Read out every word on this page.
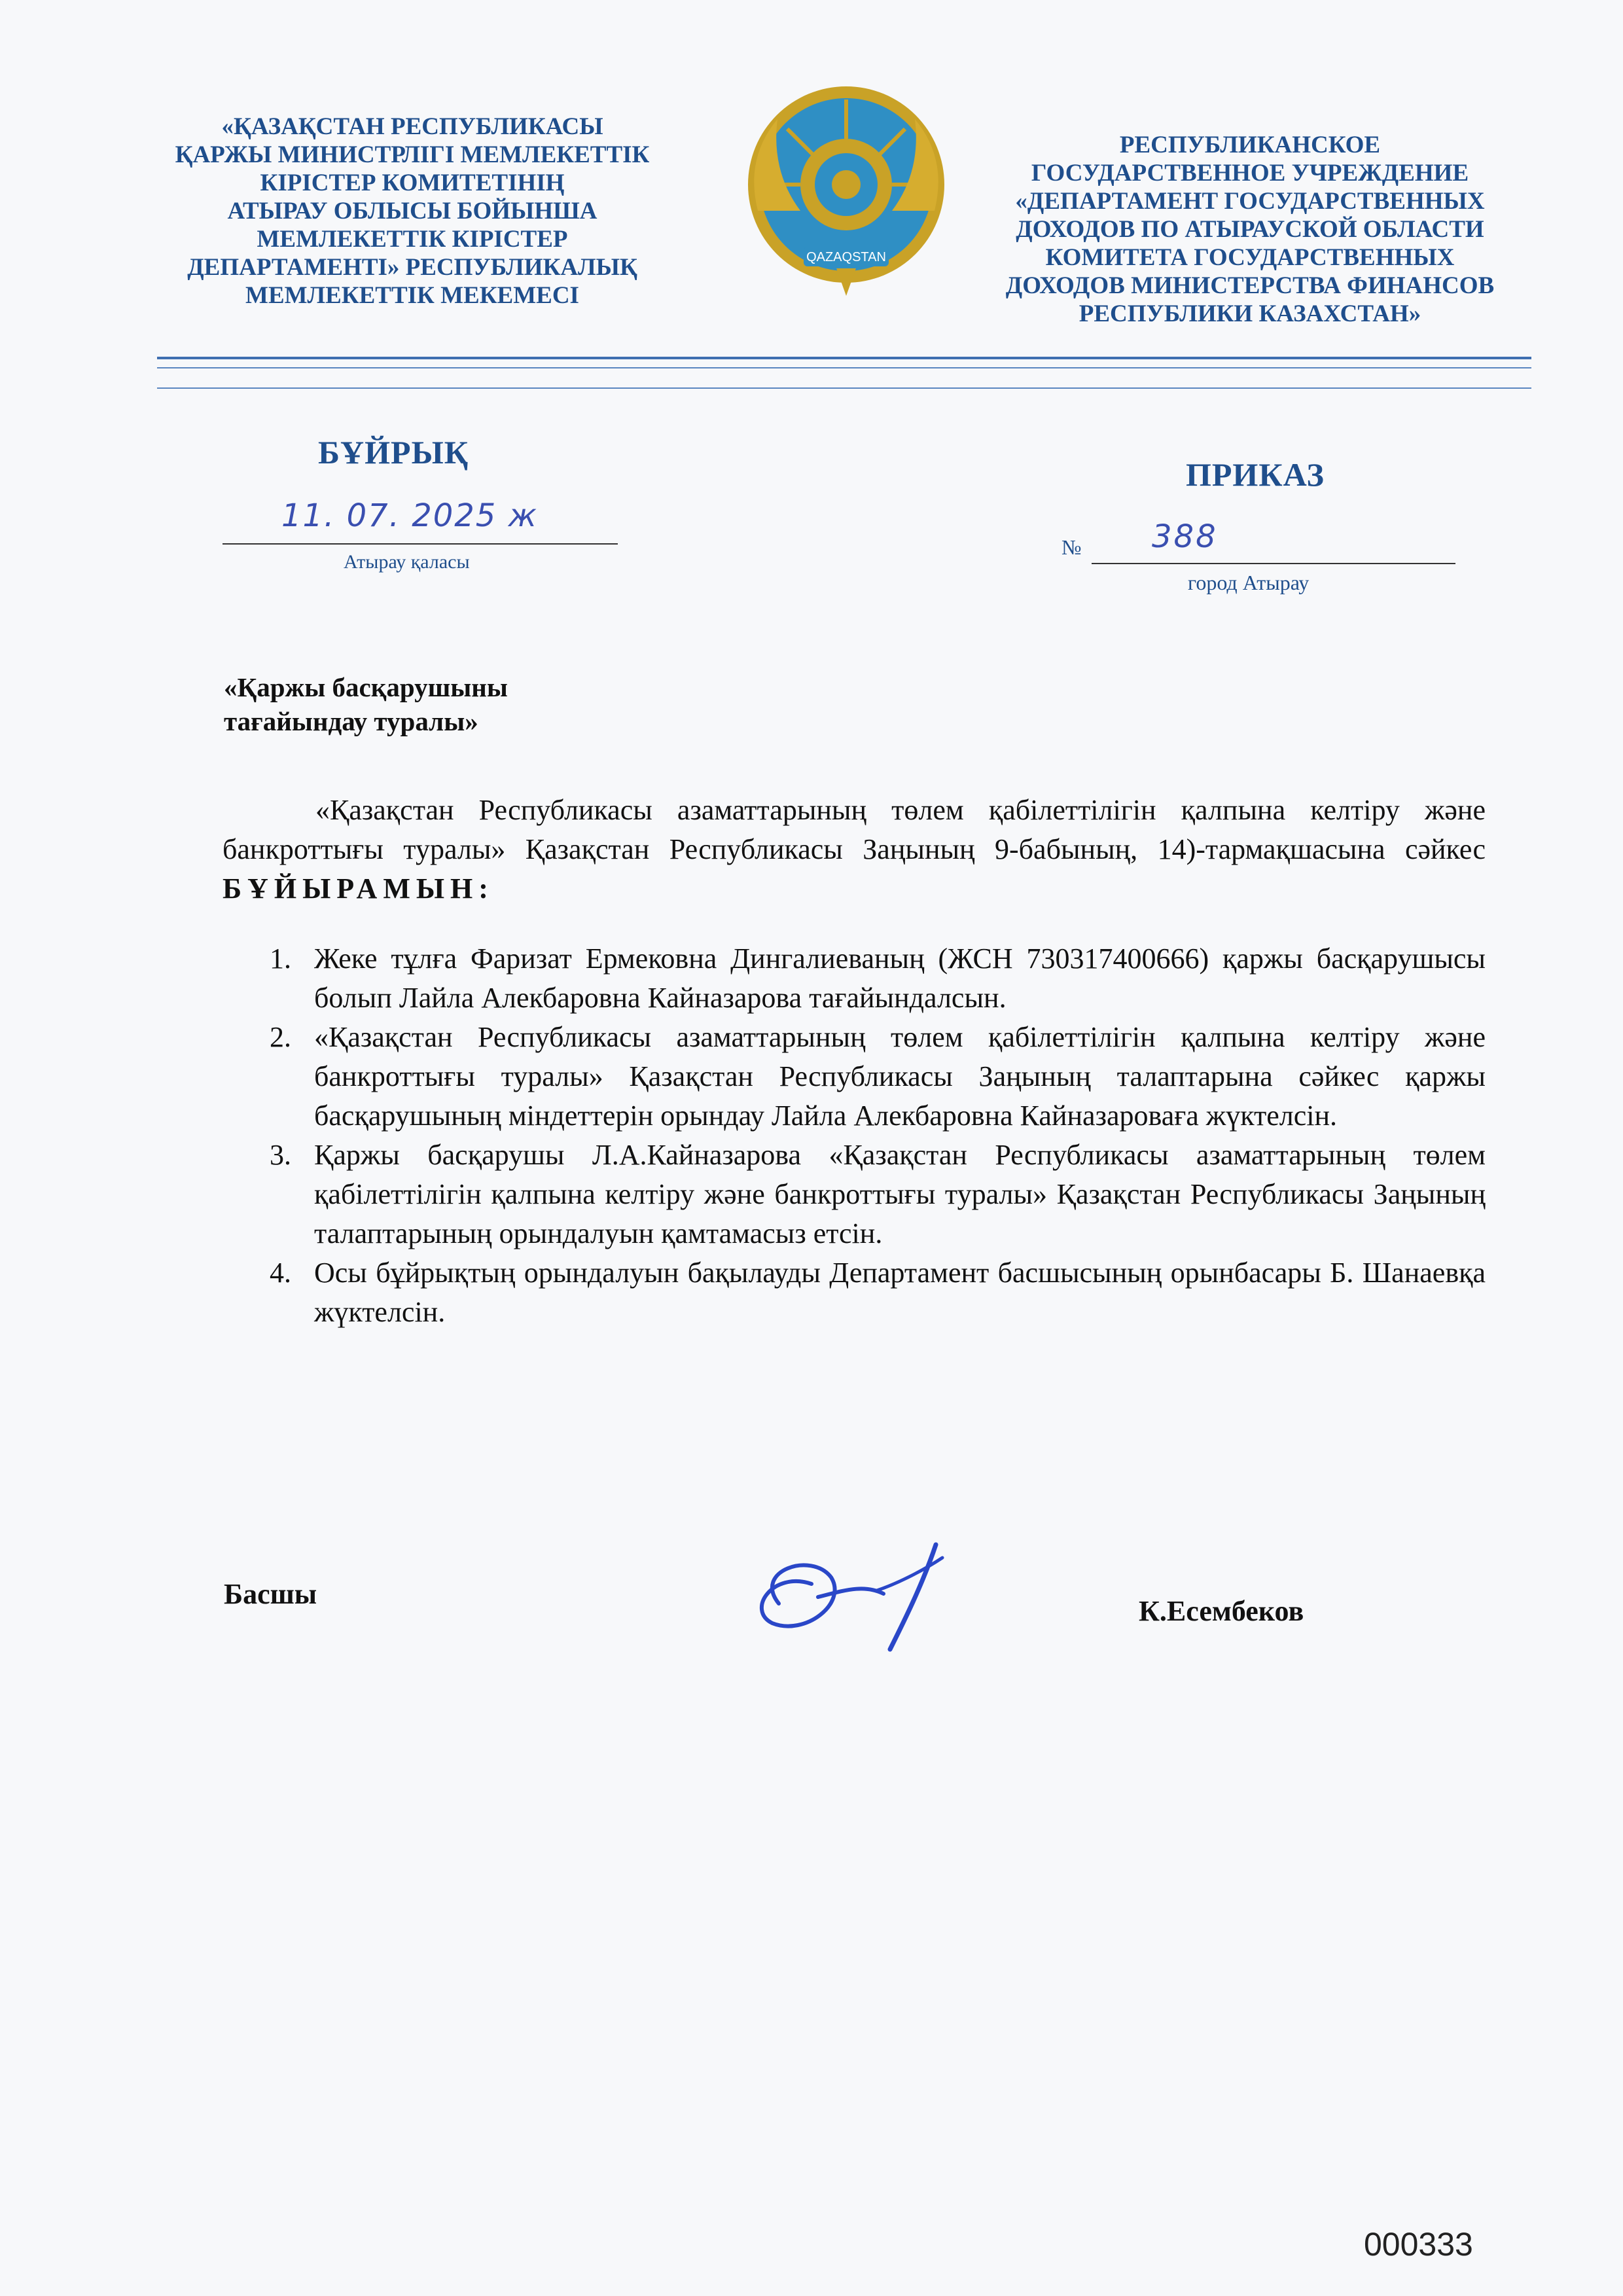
«ҚАЗАҚСТАН РЕСПУБЛИКАСЫ
ҚАРЖЫ МИНИСТРЛІГІ МЕМЛЕКЕТТІК
КІРІСТЕР КОМИТЕТІНІҢ
АТЫРАУ ОБЛЫСЫ БОЙЫНША
МЕМЛЕКЕТТІК КІРІСТЕР
ДЕПАРТАМЕНТІ» РЕСПУБЛИКАЛЫҚ
МЕМЛЕКЕТТІК МЕКЕМЕСІ
QAZAQSTAN
РЕСПУБЛИКАНСКОЕ
ГОСУДАРСТВЕННОЕ УЧРЕЖДЕНИЕ
«ДЕПАРТАМЕНТ ГОСУДАРСТВЕННЫХ
ДОХОДОВ ПО АТЫРАУСКОЙ ОБЛАСТИ
КОМИТЕТА ГОСУДАРСТВЕННЫХ
ДОХОДОВ МИНИСТЕРСТВА ФИНАНСОВ
РЕСПУБЛИКИ КАЗАХСТАН»
БҰЙРЫҚ
ПРИКАЗ
11. 07. 2025 ж
Атырау қаласы
№ 388
город Атырау
«Қаржы басқарушыны тағайындау туралы»
«Қазақстан Республикасы азаматтарының төлем қабілеттілігін қалпына келтіру және банкроттығы туралы» Қазақстан Республикасы Заңының 9-бабының, 14)-тармақшасына сәйкес БҰЙЫРАМЫН:
1. Жеке тұлға Фаризат Ермековна Дингалиеваның (ЖСН 730317400666) қаржы басқарушысы болып Лайла Алекбаровна Кайназарова тағайындалсын.
2. «Қазақстан Республикасы азаматтарының төлем қабілеттілігін қалпына келтіру және банкроттығы туралы» Қазақстан Республикасы Заңының талаптарына сәйкес қаржы басқарушының міндеттерін орындау Лайла Алекбаровна Кайназароваға жүктелсін.
3. Қаржы басқарушы Л.А.Кайназарова «Қазақстан Республикасы азаматтарының төлем қабілеттілігін қалпына келтіру және банкроттығы туралы» Қазақстан Республикасы Заңының талаптарының орындалуын қамтамасыз етсін.
4. Осы бұйрықтың орындалуын бақылауды Департамент басшысының орынбасары Б. Шанаевқа жүктелсін.
Басшы
К.Есембеков
000333
